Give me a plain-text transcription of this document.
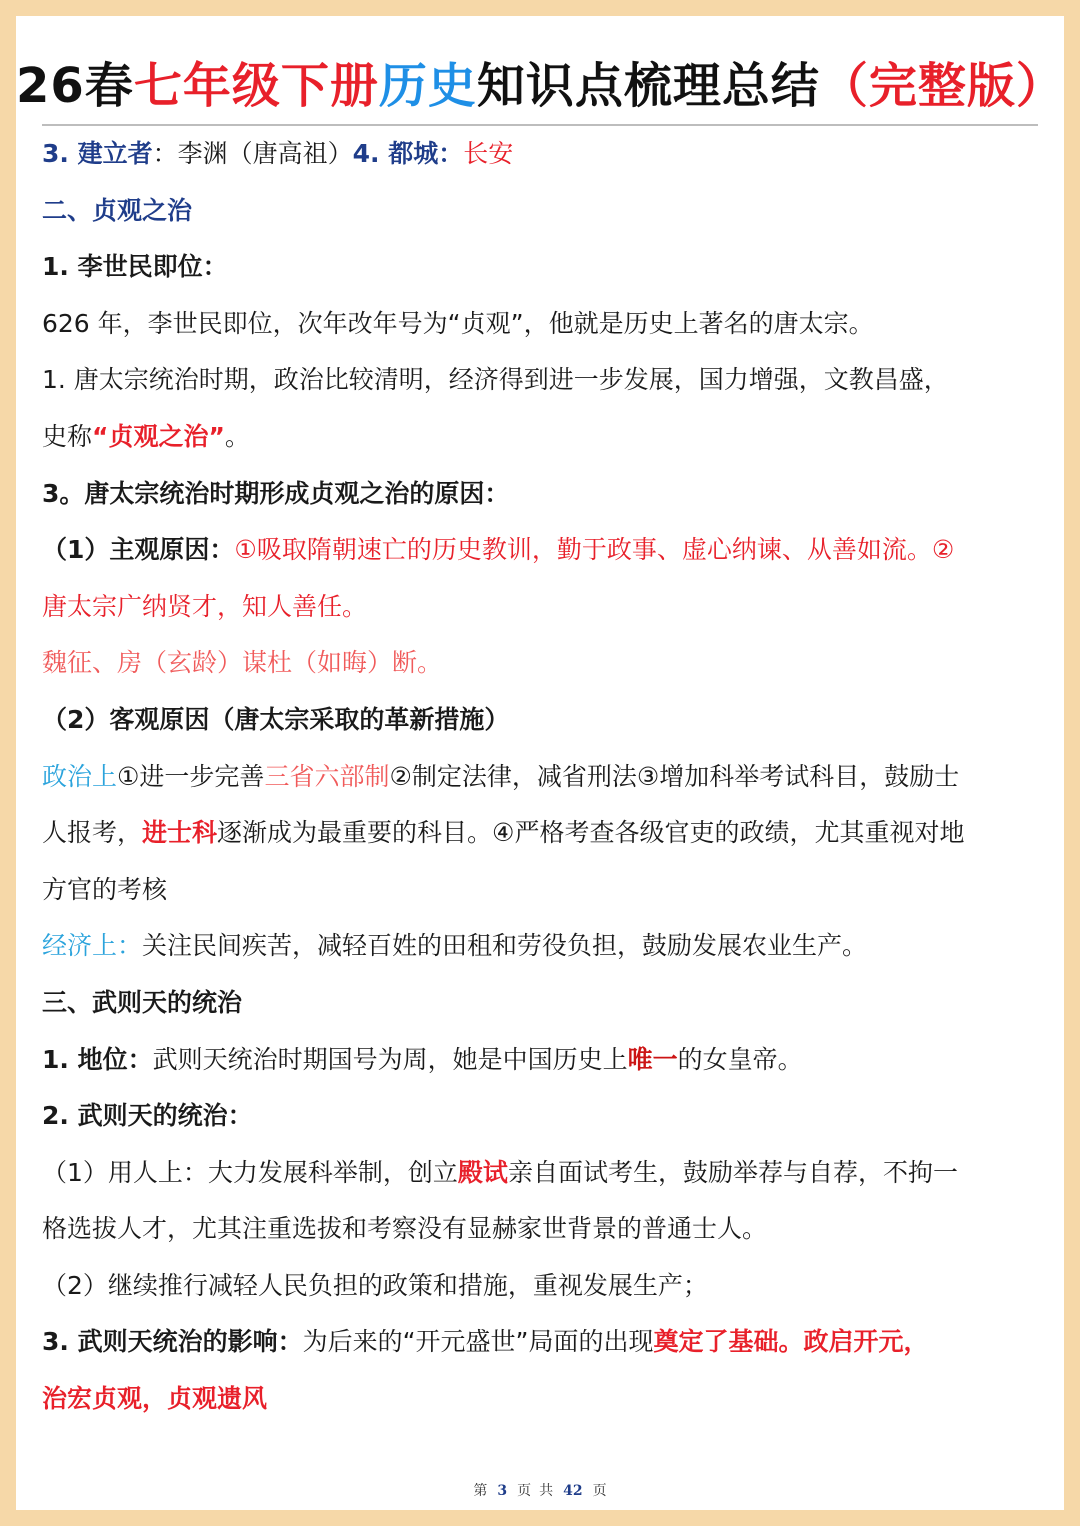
26春七年级下册历史知识点梳理总结（完整版）
3. 建立者：李渊（唐高祖）4. 都城：长安
二、贞观之治
1. 李世民即位：
626 年，李世民即位，次年改年号为“贞观”，他就是历史上著名的唐太宗。
1. 唐太宗统治时期，政治比较清明，经济得到进一步发展，国力增强，文教昌盛，
史称“贞观之治”。
3。唐太宗统治时期形成贞观之治的原因：
（1）主观原因：①吸取隋朝速亡的历史教训，勤于政事、虚心纳谏、从善如流。②
唐太宗广纳贤才，知人善任。
魏征、房（玄龄）谋杜（如晦）断。
（2）客观原因（唐太宗采取的革新措施）
政治上①进一步完善三省六部制②制定法律，减省刑法③增加科举考试科目，鼓励士
人报考，进士科逐渐成为最重要的科目。④严格考查各级官吏的政绩，尤其重视对地
方官的考核
经济上：关注民间疾苦，减轻百姓的田租和劳役负担，鼓励发展农业生产。
三、武则天的统治
1. 地位：武则天统治时期国号为周，她是中国历史上唯一的女皇帝。
2. 武则天的统治：
（1）用人上：大力发展科举制，创立殿试亲自面试考生，鼓励举荐与自荐，不拘一
格选拔人才，尤其注重选拔和考察没有显赫家世背景的普通士人。
（2）继续推行减轻人民负担的政策和措施，重视发展生产；
3. 武则天统治的影响：为后来的“开元盛世”局面的出现奠定了基础。政启开元，
治宏贞观，贞观遗风
第 3 页 共 42 页
